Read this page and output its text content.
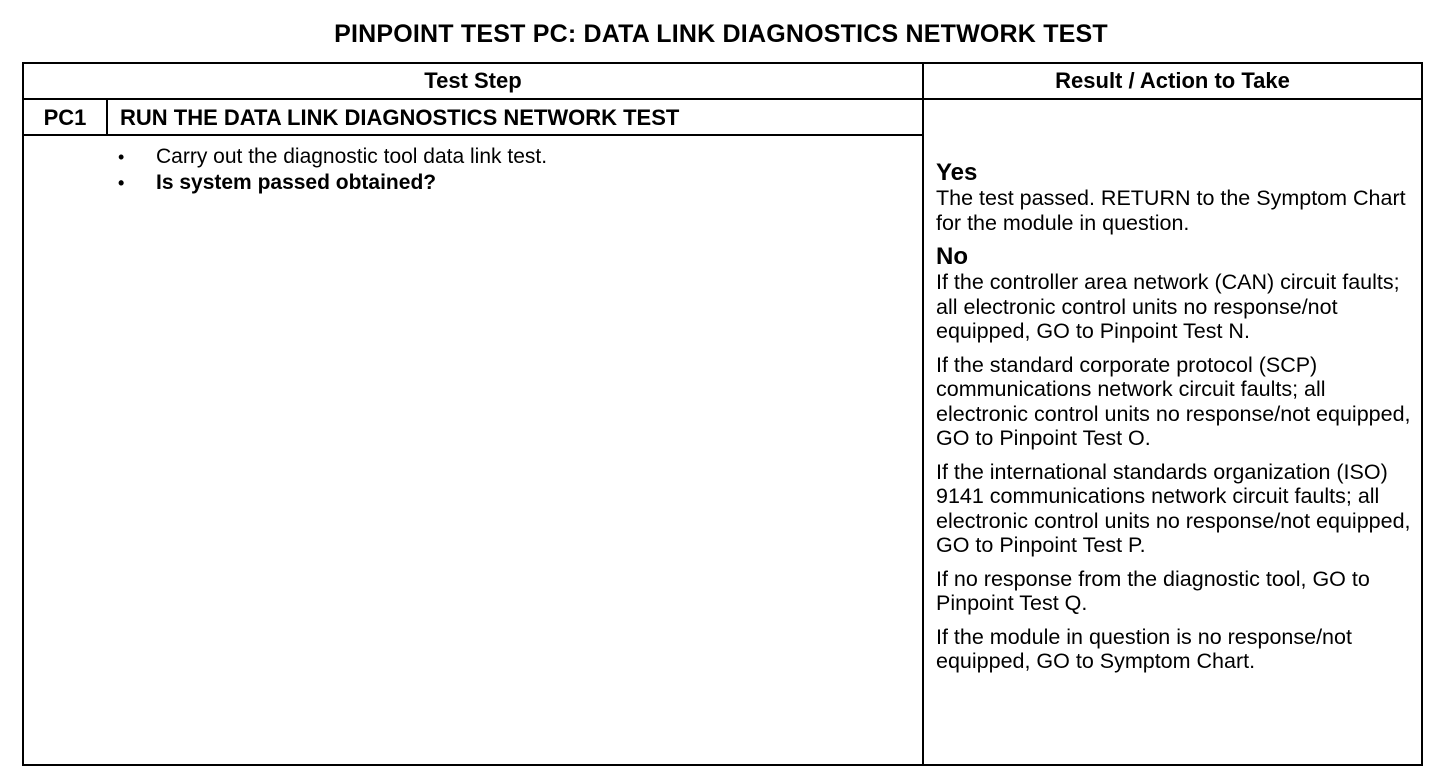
PINPOINT TEST PC: DATA LINK DIAGNOSTICS NETWORK TEST
Test Step	Result / Action to Take
PC1	RUN THE DATA LINK DIAGNOSTICS NETWORK TEST
• Carry out the diagnostic tool data link test.
• Is system passed obtained?	Yes

The test passed. RETURN to the Symptom Chart for the module in question.

No

If the controller area network (CAN) circuit faults; all electronic control units no response/not equipped, GO to Pinpoint Test N.

If the standard corporate protocol (SCP) communications network circuit faults; all electronic control units no response/not equipped, GO to Pinpoint Test O.

If the international standards organization (ISO) 9141 communications network circuit faults; all electronic control units no response/not equipped, GO to Pinpoint Test P.

If no response from the diagnostic tool, GO to Pinpoint Test Q.

If the module in question is no response/not equipped, GO to Symptom Chart.
